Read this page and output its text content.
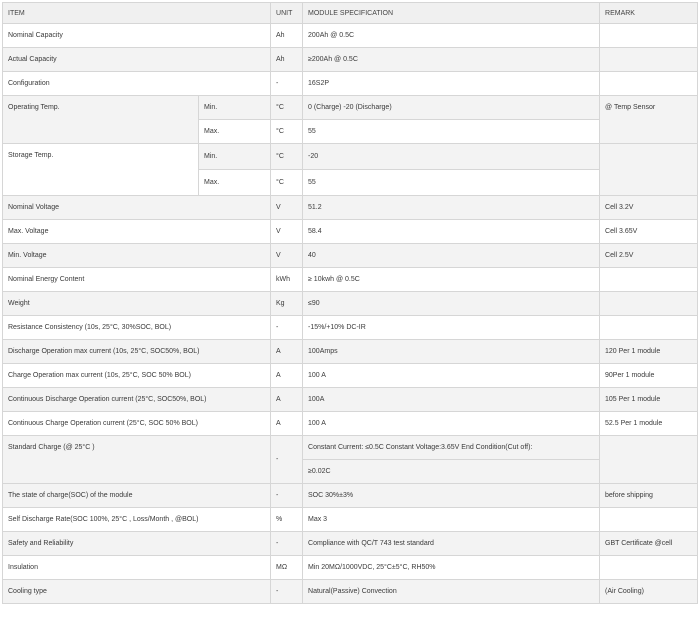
ITEM		UNIT	MODULE SPECIFICATION	REMARK
Nominal Capacity		Ah	200Ah @ 0.5C	
Actual Capacity		Ah	≥200Ah @ 0.5C	
Configuration		-	16S2P	
Operating Temp.	Min.	°C	0 (Charge) -20 (Discharge)	@ Temp Sensor
	Max.	°C	55	
Storage Temp.	Min.	°C	-20	
	Max.	°C	55	
Nominal Voltage		V	51.2	Cell 3.2V
Max. Voltage		V	58.4	Cell 3.65V
Min. Voltage		V	40	Cell 2.5V
Nominal Energy Content		kWh	≥ 10kwh @ 0.5C	
Weight		Kg	≤90	
Resistance Consistency (10s, 25°C, 30%SOC, BOL)		-	-15%/+10% DC-IR	
Discharge Operation max current (10s, 25°C, SOC50%, BOL)		A	100Amps	120 Per 1 module
Charge Operation max current (10s, 25°C, SOC 50% BOL)		A	100 A	90Per 1 module
Continuous Discharge Operation current (25°C, SOC50%, BOL)		A	100A	105 Per 1 module
Continuous Charge Operation current (25°C, SOC 50% BOL)		A	100 A	52.5 Per 1 module
Standard Charge (@ 25°C )		-	Constant Current: ≤0.5C Constant Voltage:3.65V End Condition(Cut off):	
			≥0.02C	
The state of charge(SOC) of the module		-	SOC 30%±3%	before shipping
Self Discharge Rate(SOC 100%, 25°C , Loss/Month , @BOL)		%	Max 3	
Safety and Reliability		-	Compliance with QC/T 743 test standard	GBT Certificate @cell
Insulation		MΩ	Min 20MΩ/1000VDC, 25°C±5°C, RH50%	
Cooling type		-	Natural(Passive) Convection	(Air Cooling)
